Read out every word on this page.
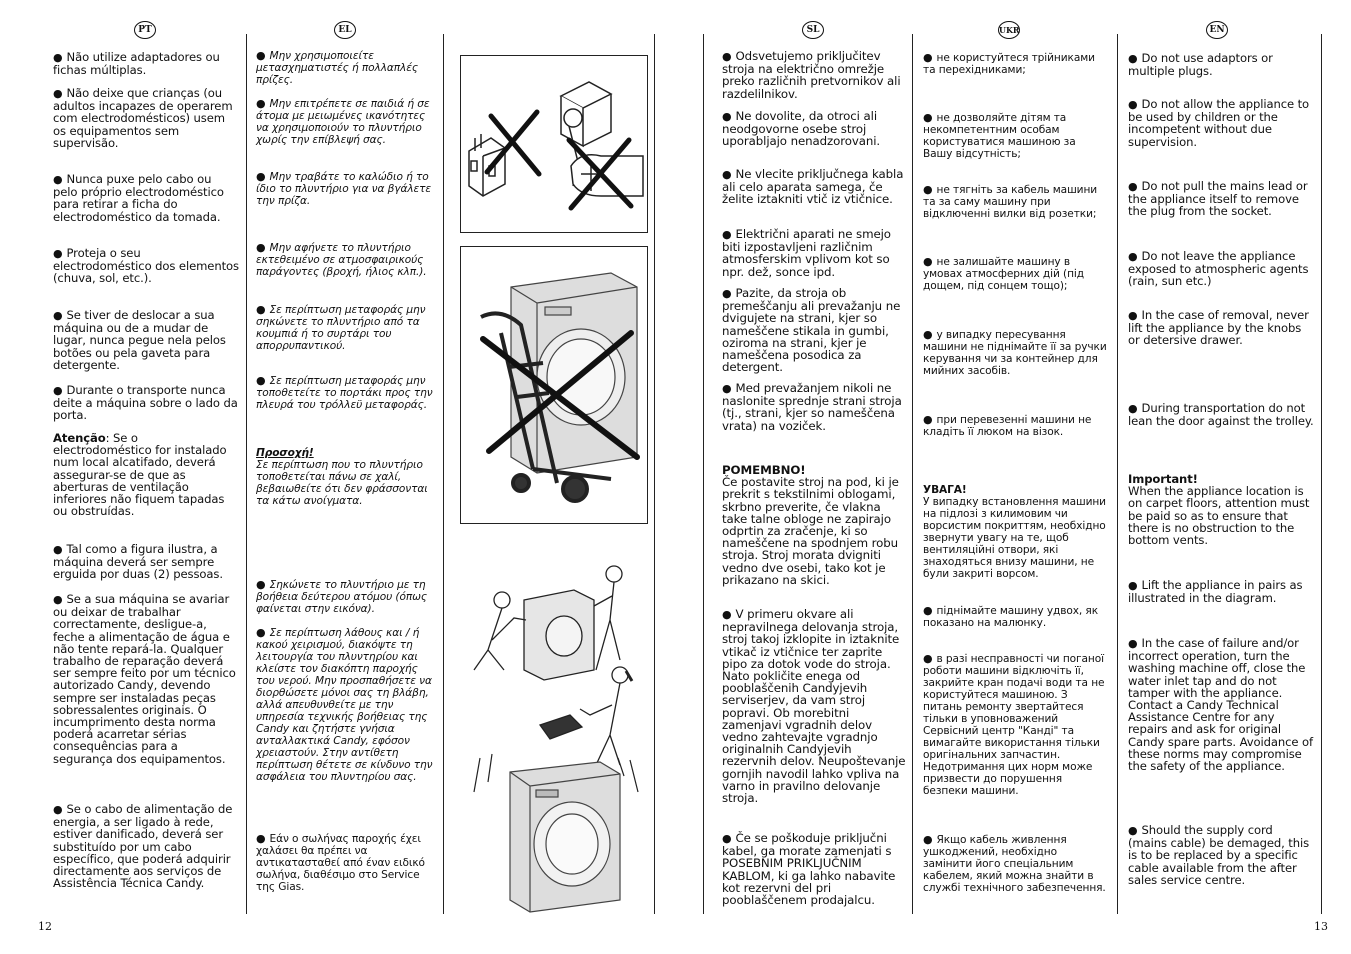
PT	EL

● Não utilize adaptadores ou fichas múltiplas.

● Não deixe que crianças (ou adultos incapazes de operarem com electrodomésticos) usem os equipamentos sem supervisão.

● Nunca puxe pelo cabo ou pelo próprio electrodoméstico para retirar a ficha do electrodoméstico da tomada.

● Proteja o seu electrodoméstico dos elementos (chuva, sol, etc.).

● Se tiver de deslocar a sua máquina ou de a mudar de lugar, nunca pegue nela pelos botões ou pela gaveta para detergente.

● Durante o transporte nunca deite a máquina sobre o lado da porta.

Atenção: Se o electrodoméstico for instalado num local alcatifado, deverá assegurar-se de que as aberturas de ventilação inferiores não fiquem tapadas ou obstruídas.

● Tal como a figura ilustra, a máquina deverá ser sempre erguida por duas (2) pessoas.

● Se a sua máquina se avariar ou deixar de trabalhar correctamente, desligue-a, feche a alimentação de água e não tente repará-la. Qualquer trabalho de reparação deverá ser sempre feito por um técnico autorizado Candy, devendo sempre ser instaladas peças sobressalentes originais. O incumprimento desta norma poderá acarretar sérias consequências para a segurança dos equipamentos.

● Se o cabo de alimentação de energia, a ser ligado à rede, estiver danificado, deverá ser substituído por um cabo específico, que poderá adquirir directamente aos serviços de Assistência Técnica Candy.

● Μην χρησιμοποιείτε μετασχηματιστές ή πολλαπλές πρίζες.

● Μην επιτρέπετε σε παιδιά ή σε άτομα με μειωμένες ικανότητες να χρησιμοποιούν το πλυντήριο χωρίς την επίβλεψή σας.

● Μην τραβάτε το καλώδιο ή το ίδιο το πλυντήριο για να βγάλετε την πρίζα.

● Μην αφήνετε το πλυντήριο εκτεθειμένο σε ατμοσφαιρικούς παράγοντες (βροχή, ήλιος κλπ.).

● Σε περίπτωση μεταφοράς μην σηκώνετε το πλυντήριο από τα κουμπιά ή το συρτάρι του απορρυπαντικού.

● Σε περίπτωση μεταφοράς μην τοποθετείτε το πορτάκι προς την πλευρά του τρόλλεϋ μεταφοράς.

Προσοχή!
Σε περίπτωση που το πλυντήριο τοποθετείται πάνω σε χαλί, βεβαιωθείτε ότι δεν φράσσονται τα κάτω ανοίγματα.

● Σηκώνετε το πλυντήριο με τη βοήθεια δεύτερου ατόμου (όπως φαίνεται στην εικόνα).

● Σε περίπτωση λάθους και / ή κακού χειρισμού, διακόψτε τη λειτουργία του πλυντηρίου και κλείστε τον διακόπτη παροχής του νερού. Μην προσπαθήσετε να διορθώσετε μόνοι σας τη βλάβη, αλλά απευθυνθείτε με την υπηρεσία τεχνικής βοήθειας της Candy και ζητήστε γνήσια ανταλλακτικά Candy, εφόσον χρειαστούν. Στην αντίθετη περίπτωση θέτετε σε κίνδυνο την ασφάλεια του πλυντηρίου σας.

● Εάν ο σωλήνας παροχής έχει χαλάσει θα πρέπει να αντικατασταθεί από έναν ειδικό σωλήνα, διαθέσιμο στο Service της Gias.

12
SL	UKR	EN

● Odsvetujemo priključitev stroja na električno omrežje preko različnih pretvornikov ali razdelilnikov.

● Ne dovolite, da otroci ali neodgovorne osebe stroj uporabljajo nenadzorovani.

● Ne vlecite priključnega kabla ali celo aparata samega, če želite iztakniti vtič iz vtičnice.

● Električni aparati ne smejo biti izpostavljeni različnim atmosferskim vplivom kot so npr. dež, sonce ipd.

● Pazite, da stroja ob premeščanju ali prevažanju ne dvigujete na strani, kjer so nameščene stikala in gumbi, oziroma na strani, kjer je nameščena posodica za detergent.

● Med prevažanjem nikoli ne naslonite sprednje strani stroja (tj., strani, kjer so nameščena vrata) na voziček.

POMEMBNO!
Če postavite stroj na pod, ki je prekrit s tekstilnimi oblogami, skrbno preverite, če vlakna take talne obloge ne zapirajo odprtin za zračenje, ki so nameščene na spodnjem robu stroja. Stroj morata dvigniti vedno dve osebi, tako kot je prikazano na skici.

● V primeru okvare ali nepravilnega delovanja stroja, stroj takoj izklopite in iztaknite vtikač iz vtičnice ter zaprite pipo za dotok vode do stroja. Nato pokličite enega od pooblaščenih Candyjevih serviserjev, da vam stroj popravi. Ob morebitni zamenjavi vgradnih delov vedno zahtevajte vgradnjo originalnih Candyjevih rezervnih delov. Neupoštevanje gornjih navodil lahko vpliva na varno in pravilno delovanje stroja.

● Če se poškoduje priključni kabel, ga morate zamenjati s POSEBNIM PRIKLJUČNIM KABLOM, ki ga lahko nabavite kot rezervni del pri pooblaščenem prodajalcu.

● не користуйтеся трійниками та перехідниками;

● не дозволяйте дітям та некомпетентним особам користуватися машиною за Вашу відсутність;

● не тягніть за кабель машини та за саму машину при відключенні вилки від розетки;

● не залишайте машину в умовах атмосферних дій (під дощем, під сонцем тощо);

● у випадку пересування машини не піднімайте її за ручки керування чи за контейнер для мийних засобів.

● при перевезенні машини не кладіть її люком на візок.

УВАГА!
У випадку встановлення машини на підлозі з килимовим чи ворсистим покриттям, необхідно звернути увагу на те, щоб вентиляційні отвори, які знаходяться внизу машини, не були закриті ворсом.

● піднімайте машину удвох, як показано на малюнку.

● в разі несправності чи поганої роботи машини відключіть її, закрийте кран подачі води та не користуйтеся машиною. З питань ремонту звертайтеся тільки в уповноважений Сервісний центр "Канді" та вимагайте використання тільки оригінальних запчастин. Недотримання цих норм може призвести до порушення безпеки машини.

● Якщо кабель живлення ушкоджений, необхідно замінити його спеціальним кабелем, який можна знайти в службі технічного забезпечення.

● Do not use adaptors or multiple plugs.

● Do not allow the appliance to be used by children or the incompetent without due supervision.

● Do not pull the mains lead or the appliance itself to remove the plug from the socket.

● Do not leave the appliance exposed to atmospheric agents (rain, sun etc.)

● In the case of removal, never lift the appliance by the knobs or detersive drawer.

● During transportation do not lean the door against the trolley.

Important!
When the appliance location is on carpet floors, attention must be paid so as to ensure that there is no obstruction to the bottom vents.

● Lift the appliance in pairs as illustrated in the diagram.

● In the case of failure and/or incorrect operation, turn the washing machine off, close the water inlet tap and do not tamper with the appliance. Contact a Candy Technical Assistance Centre for any repairs and ask for original Candy spare parts. Avoidance of these norms may compromise the safety of the appliance.

● Should the supply cord (mains cable) be demaged, this is to be replaced by a specific cable available from the after sales service centre.

13
